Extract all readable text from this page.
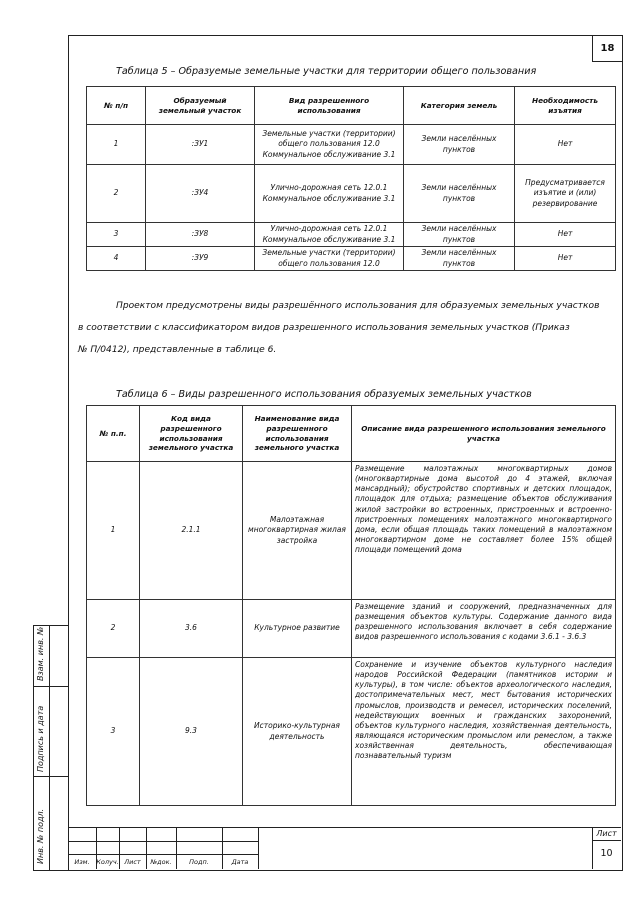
18
Таблица 5 – Образуемые земельные участки для территории общего пользования
№ п/п	Образуемый земельный участок	Вид разрешенного использования	Категория земель	Необходимость изъятия
1	:ЗУ1	Земельные участки (территории) общего пользования 12.0 Коммунальное обслуживание 3.1	Земли населённых пунктов	Нет
2	:ЗУ4	Улично-дорожная сеть 12.0.1 Коммунальное обслуживание 3.1	Земли населённых пунктов	Предусматривается изъятие и (или) резервирование
3	:ЗУ8	Улично-дорожная сеть 12.0.1 Коммунальное обслуживание 3.1	Земли населённых пунктов	Нет
4	:ЗУ9	Земельные участки (территории) общего пользования 12.0	Земли населённых пунктов	Нет
Проектом предусмотрены виды разрешённого использования для образуемых земельных участков
в соответствии с классификатором видов разрешенного использования земельных участков (Приказ
№ П/0412), представленные в таблице 6.
Таблица 6 – Виды разрешенного использования образуемых земельных участков
№ п.п.	Код вида разрешенного использования земельного участка	Наименование вида разрешенного использования земельного участка	Описание вида разрешенного использования земельного участка
1	2.1.1	Малоэтажная многоквартирная жилая застройка	Размещение малоэтажных многоквартирных домов (многоквартирные дома высотой до 4 этажей, включая мансардный); обустройство спортивных и детских площадок, площадок для отдыха; размещение объектов обслуживания жилой застройки во встроенных, пристроенных и встроенно-пристроенных помещениях малоэтажного многоквартирного дома, если общая площадь таких помещений в малоэтажном многоквартирном доме не составляет более 15% общей площади помещений дома
2	3.6	Культурное развитие	Размещение зданий и сооружений, предназначенных для размещения объектов культуры. Содержание данного вида разрешенного использования включает в себя содержание видов разрешенного использования с кодами 3.6.1 - 3.6.3
3	9.3	Историко-культурная деятельность	Сохранение и изучение объектов культурного наследия народов Российской Федерации (памятников истории и культуры), в том числе: объектов археологического наследия, достопримечательных мест, мест бытования исторических промыслов, производств и ремесел, исторических поселений, недействующих военных и гражданских захоронений, объектов культурного наследия, хозяйственная деятельность, являющаяся историческим промыслом или ремеслом, а также хозяйственная деятельность, обеспечивающая познавательный туризм
Взам. инв. №
Подпись и дата
Инв. № подл.	Изм.	Колуч. Лист	№док.	Подп.	Дата
Лист
10
